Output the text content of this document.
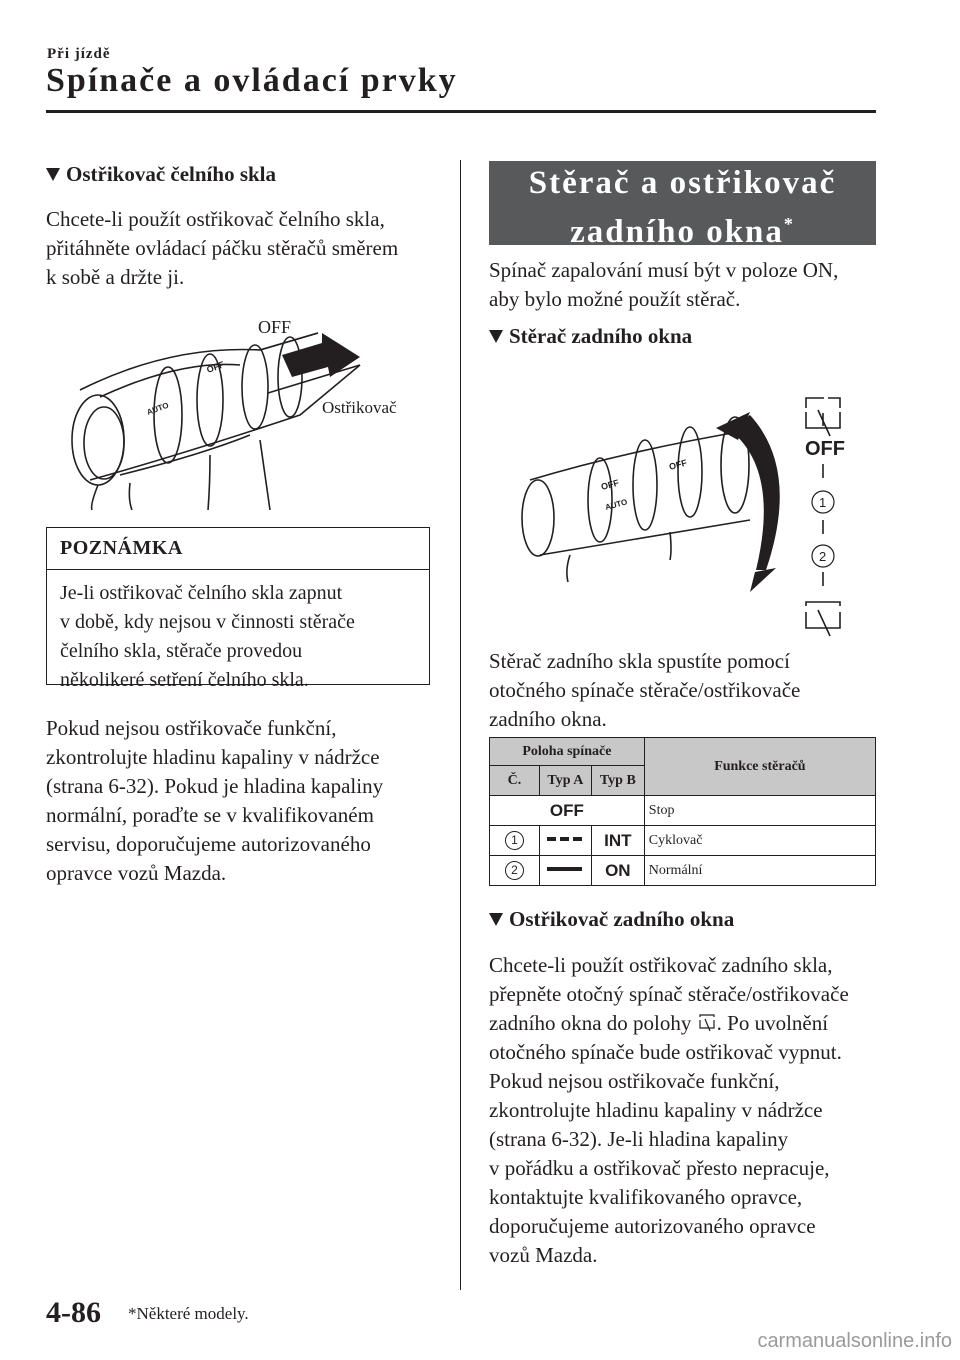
Při jízdě
Spínače a ovládací prvky
Ostřikovač čelního skla
Chcete-li použít ostřikovač čelního skla,
přitáhněte ovládací páčku stěračů směrem
k sobě a držte ji.
OFF
Ostřikovač
OFF
AUTO
POZNÁMKA
Je-li ostřikovač čelního skla zapnut
v době, kdy nejsou v činnosti stěrače
čelního skla, stěrače provedou
několikeré setření čelního skla.
Pokud nejsou ostřikovače funkční,
zkontrolujte hladinu kapaliny v nádržce
(strana 6-32). Pokud je hladina kapaliny
normální, poraďte se v kvalifikovaném
servisu, doporučujeme autorizovaného
opravce vozů Mazda.
Stěrač a ostřikovač
zadního okna*
Spínač zapalování musí být v poloze ON,
aby bylo možné použít stěrač.
Stěrač zadního okna
OFF
1
2
OFF
OFF
AUTO
Stěrač zadního skla spustíte pomocí
otočného spínače stěrače/ostřikovače
zadního okna.
Poloha spínače			Funkce stěračů
Č.	Typ A	Typ B	
OFF			Stop
1		INT	Cyklovač
2		ON	Normální
Ostřikovač zadního okna
Chcete-li použít ostřikovač zadního skla,
přepněte otočný spínač stěrače/ostřikovače
zadního okna do polohy . Po uvolnění
otočného spínače bude ostřikovač vypnut.
Pokud nejsou ostřikovače funkční,
zkontrolujte hladinu kapaliny v nádržce
(strana 6-32). Je-li hladina kapaliny
v pořádku a ostřikovač přesto nepracuje,
kontaktujte kvalifikovaného opravce,
doporučujeme autorizovaného opravce
vozů Mazda.
4-86 *Některé modely.
carmanualsonline.info
